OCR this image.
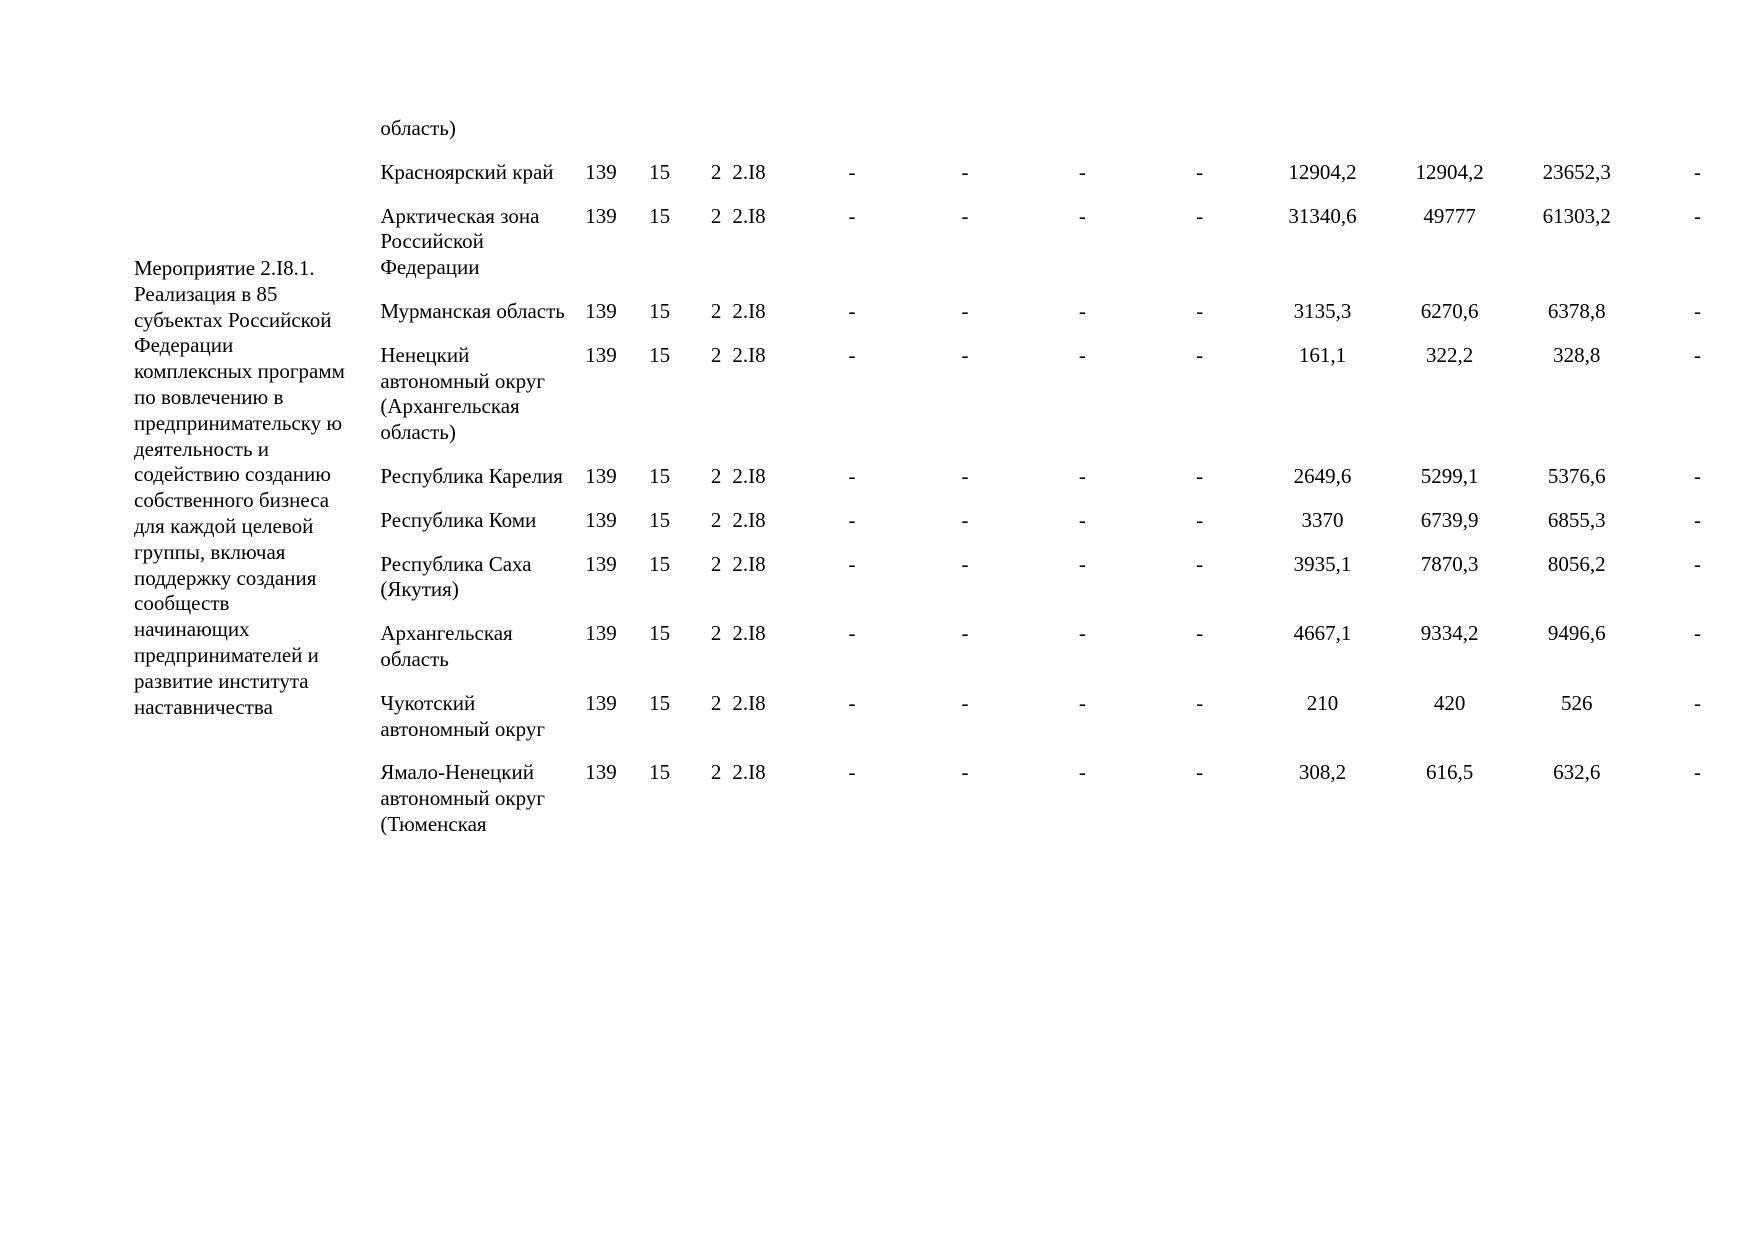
Мероприятие 2.I8.1. Реализация в 85 субъектах Российской Федерации комплексных программ по вовлечению в предпринимательску ю деятельность и содействию созданию собственного бизнеса для каждой целевой группы, включая поддержку создания сообществ начинающих предпринимателей и развитие института наставничества

	область)												
	Красноярский край	139	15	2	2.I8	-	-	-	-	12904,2	12904,2	23652,3	-
	Арктическая зона Российской Федерации	139	15	2	2.I8	-	-	-	-	31340,6	49777	61303,2	-
	Мурманская область	139	15	2	2.I8	-	-	-	-	3135,3	6270,6	6378,8	-
	Ненецкий автономный округ (Архангельская область)	139	15	2	2.I8	-	-	-	-	161,1	322,2	328,8	-
	Республика Карелия	139	15	2	2.I8	-	-	-	-	2649,6	5299,1	5376,6	-
	Республика Коми	139	15	2	2.I8	-	-	-	-	3370	6739,9	6855,3	-
	Республика Саха (Якутия)	139	15	2	2.I8	-	-	-	-	3935,1	7870,3	8056,2	-
	Архангельская область	139	15	2	2.I8	-	-	-	-	4667,1	9334,2	9496,6	-
	Чукотский автономный округ	139	15	2	2.I8	-	-	-	-	210	420	526	-
	Ямало-Ненецкий автономный округ (Тюменская	139	15	2	2.I8	-	-	-	-	308,2	616,5	632,6	-
